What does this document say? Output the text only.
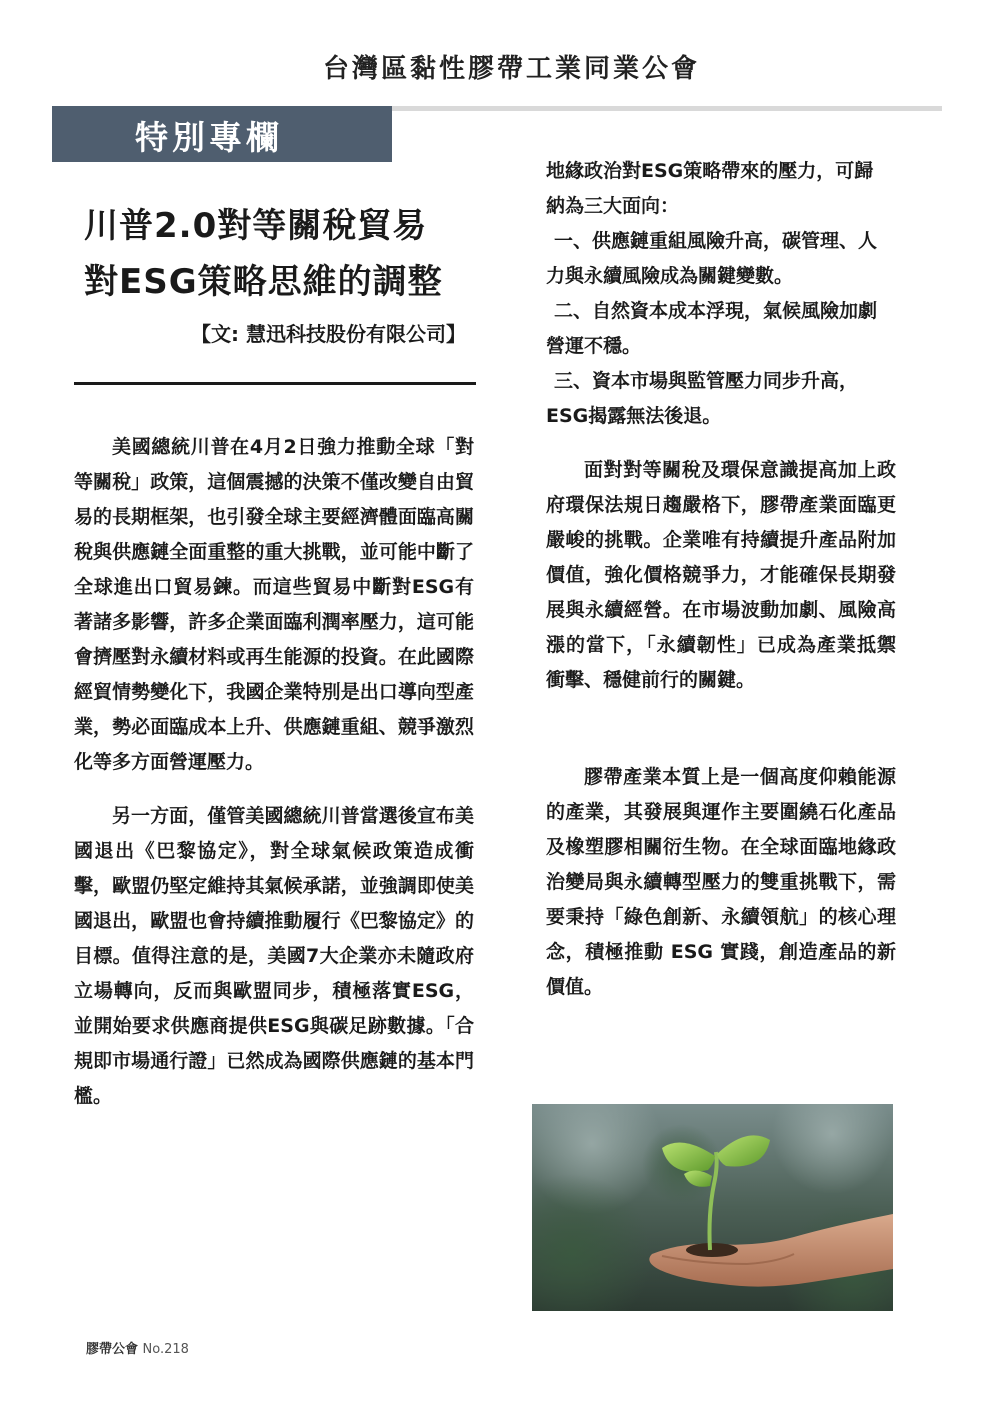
台灣區黏性膠帶工業同業公會
特別專欄
川普2.0對等關稅貿易
對ESG策略思維的調整
【文: 慧迅科技股份有限公司】

美國總統川普在4月2日強力推動全球「對等關稅」政策，這個震撼的決策不僅改變自由貿易的長期框架，也引發全球主要經濟體面臨高關稅與供應鏈全面重整的重大挑戰，並可能中斷了全球進出口貿易鍊。而這些貿易中斷對ESG有著諸多影響，許多企業面臨利潤率壓力，這可能會擠壓對永續材料或再生能源的投資。在此國際經貿情勢變化下，我國企業特別是出口導向型產業，勢必面臨成本上升、供應鏈重組、競爭激烈化等多方面營運壓力。

另一方面，僅管美國總統川普當選後宣布美國退出《巴黎協定》，對全球氣候政策造成衝擊，歐盟仍堅定維持其氣候承諾，並強調即使美國退出，歐盟也會持續推動履行《巴黎協定》的目標。值得注意的是，美國7大企業亦未隨政府立場轉向，反而與歐盟同步，積極落實ESG，並開始要求供應商提供ESG與碳足跡數據。「合規即市場通行證」已然成為國際供應鏈的基本門檻。

地緣政治對ESG策略帶來的壓力，可歸

納為三大面向：

一、供應鏈重組風險升高，碳管理、人

力與永續風險成為關鍵變數。

二、自然資本成本浮現，氣候風險加劇

營運不穩。

三、資本市場與監管壓力同步升高，

ESG揭露無法後退。

面對對等關稅及環保意識提高加上政府環保法規日趨嚴格下，膠帶產業面臨更嚴峻的挑戰。企業唯有持續提升產品附加價值，強化價格競爭力，才能確保長期發展與永續經營。在市場波動加劇、風險高漲的當下，「永續韌性」已成為產業抵禦衝擊、穩健前行的關鍵。

膠帶產業本質上是一個高度仰賴能源的產業，其發展與運作主要圍繞石化產品及橡塑膠相關衍生物。在全球面臨地緣政治變局與永續轉型壓力的雙重挑戰下，需要秉持「綠色創新、永續領航」的核心理念，積極推動 ESG 實踐，創造產品的新價值。

膠帶公會 No.218
